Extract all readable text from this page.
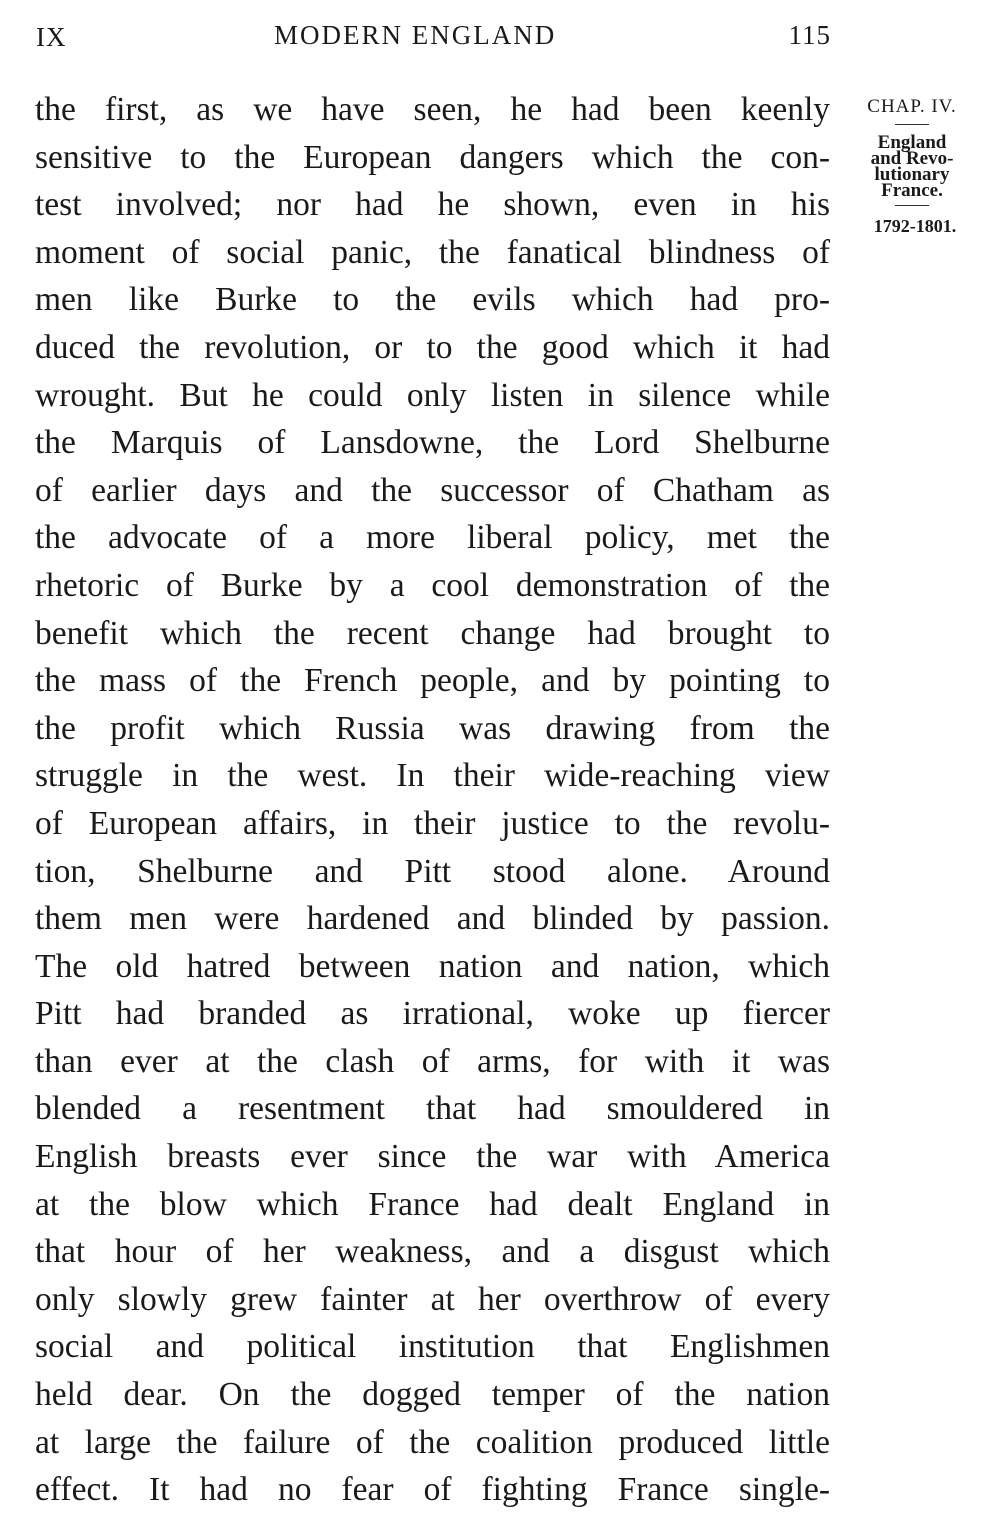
IX	MODERN ENGLAND	115
the first, as we have seen, he had been keenly
sensitive to the European dangers which the con-
test involved; nor had he shown, even in his
moment of social panic, the fanatical blindness of
men like Burke to the evils which had pro-
duced the revolution, or to the good which it had
wrought. But he could only listen in silence while
the Marquis of Lansdowne, the Lord Shelburne
of earlier days and the successor of Chatham as
the advocate of a more liberal policy, met the
rhetoric of Burke by a cool demonstration of the
benefit which the recent change had brought to
the mass of the French people, and by pointing to
the profit which Russia was drawing from the
struggle in the west. In their wide-reaching view
of European affairs, in their justice to the revolu-
tion, Shelburne and Pitt stood alone. Around
them men were hardened and blinded by passion.
The old hatred between nation and nation, which
Pitt had branded as irrational, woke up fiercer
than ever at the clash of arms, for with it was
blended a resentment that had smouldered in
English breasts ever since the war with America
at the blow which France had dealt England in
that hour of her weakness, and a disgust which
only slowly grew fainter at her overthrow of every
social and political institution that Englishmen
held dear. On the dogged temper of the nation
at large the failure of the coalition produced little
effect. It had no fear of fighting France single-
CHAP. IV.
England
and Revo-
lutionary
France.
1792-1801.
